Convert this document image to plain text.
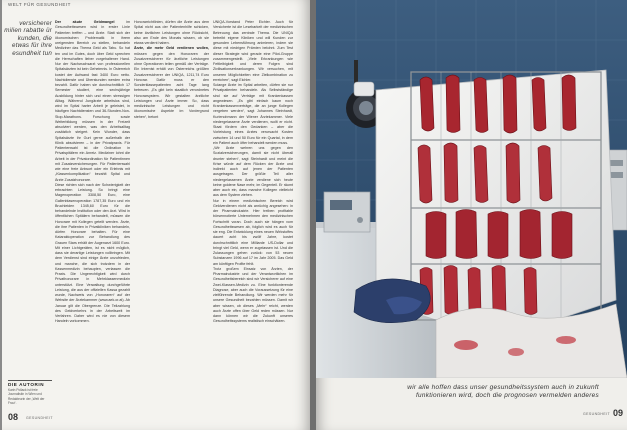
WELT FÜR GESUNDHEIT
versicherer milien rabatte ür kunden, die etwas für ihre esundheit tun

Der akute Geldmangel	im Gesundheitswesen wird in erster Linie Patienten treffen – und Ärzte. Statt sich der ökonomischen Problematik in ihrem ureigensten Bereich zu stellen, behandeln Mediziner das Thema Geld als Tabu. So hat ten und im Gutes, doch über Geld sprechen die Herrschaften lieber vorgehaltener Hand. Nur der Nachwuchsarzt von professionellen Spitalsärzten ist kein Geheimnis. In Österreich kostet der Aufwand fast 3400 Euro netto. Nachtdienste und Überstunden werden extra bezahlt. Dafür haben sie durchschnittlich 17 Semester studiert, eine sechsjährige Ausbildung hinter sich und einen stressigen Alltag. Während Jungärzte arbeitslos sind, wird im Spital harter Arbeit je geleistet, in häufigen Nachtdiensten und 36-Stunden-Non-Stop-Marathons. Forschung sowie Weiterbildung müssen in der Freizeit absolviert werden, was den Arbeitsalltag zusätzlich steigert. Kein Wunder, dass Spitalsärzte ihr Gurt gerne außerhalb der Klinik absolvieren – in der Privatpraxis. Für Patientenwahl ist die Ordination in Privatspitälern ein Anreiz. Mediziner lohnt die Arbeit in der Privatordination für Patientinnen mit Zusatzversicherungen. Für Patientenwahl wie eine freie Antwort oder ein Erlebnis mit „Klassenkomplikation“ bezahlt Spital und Ärzte Zusatzhonorare.

Diese richten sich nach der Schwierigkeit der erbrachten Leistung. So bringt eine Magenoperation 3308,50 Euro, eine Gallenblasenoperation 1787,35 Euro und ein Bruchleiden 1345,60 Euro für die behandelnde Institution oder den Arzt. Wird in öffentlichen Spitälern behandelt, müssen die Honorare mit Kollegen geteilt werden. Ärzte, die ihre Patienten in Privatkliniken behandeln, dürfen Honorare behalten. Für eine Kataraktoperation zur Behandlung des Grauen Stars erhält der Augenarzt 1600 Euro. Mit einer Lichtgeräten, ist es nicht möglich, dass sie derartige Leistungen vollbringen. Mit dem Verdienst sind einige Ärzte unzufrieden, und manche, die sich trotzdem in der Kassenmedizin behaupten, verlassen die Praxis. Die Ungerechtigkeit wird durch Privathonorare in Mehrklassenmedizin unterstützt. Eine Verwaltung durchgeführte Leistung, die aus der offiziellen Kassa gezahlt wurde, Nachweis von „Honoraren“ auf der Website der Ärztekammer (www.aek.or.at). Ab Januar gilt die Obergrenze. Die Teilzahlung des Geldverkehrs in der Arbeitszeit im Verfahren. Daher wird es nie von diesem Handeln vorkommen.

Honorarrichtlinien, dürfen die Ärzte aus dem Spital nicht aus der Patientenhilfe schicken, keine ärztlichen Leistungen ohne Rücksicht, also am Ende des Monats wissen, ob sie etwas verdient haben.

Ärzte, die mehr Geld verdienen wollen, müssen gegen den Honoraren der Zusatzversicherer für ärztliche Leistungen ohne Operationen teilen gemäß der Verträge. Ein Internist erhält von Österreichs größten Zusatzversicherer der UNIQA, 1211,74 Euro Honorar. Dafür muss er den Sonderklassepatienten acht Tage lang betreuen. „Es gibt kein staatlich verordnetes Honorarsystem. Wir gestalten ärztliche Leistungen und Ärzte immer. So, dass medizinische Leistungen und nicht ökonomische Aspekte im Vordergrund stehen“, betont

UNIQA-Vorstand Peter Eichler. Auch für Versicherte ist die Lesebarkeit der medizinischen Betreuung das zentrale Thema. Die UNIQA betreibt eigene Kliniken und will Kunden zur gesunden Lebensführung animieren, indem sie diese mit niedrigen Prämien belohnt. Zum Test dieser Strategie wird gerade eine Pilot-Gruppe zusammengestellt. „Viele Erkrankungen wie Fettleibigkeit und deren Folgen sind Zivilisationserkrankungen. Wir versuchen, mit unseren Möglichkeiten eine Zielkombination zu erreichen“, sagt Eichler.

Solange Ärzte im Spital arbeiten, dürfen sie nur Privatpatienten behandeln. Als Selbstständige sind sie auf Verträge mit Krankenkassen angewiesen. „Es gibt einfach kaum noch Krankenkassenverträge, die an junge Kollegen vergeben werden“, sagt Johannes Steinhardt, Kurienobmann der Wiener Ärztekammer. Viele niedergelassene Ärzte verdienen, wollt er nicht. Staat fördern den Gedanken – aber die Vorleistung eines Arztes verursacht Kosten zwischen 14 und 50 Euro für ein Quartal, in dem ein Patient auch öfter behandelt werden muss.

„Wir Ärzte wehren uns gegen den Sozialversicherungen, damit sie nicht überall drunter stehen“, sagt Steinhardt und meint die Krise würde auf dem Rücken der Ärzte und indirekt auch auf jenen der Patienten ausgetragen. Der größte Teil aller niedergelassenen Ärzte verdiene sich heute keine goldene Nase mehr, im Gegenteil. Er räumt aber auch ein, dass manche Kollegen vielleicht aus dem System ziehen.

Nur in einem medizinischen Bereich wird Geldverdienen nicht als anrüchig angesehen: in der Pharmaindustrie. Hier treiben profitable börsennotierte Unternehmen den medizinischen Fortschritt voran. Doch auch sie hängen vom Gesundheitswesen ab, folglich wird es auch für sie eng. Die Entwicklung eines neuen Wirkstoffes dauert acht bis zwölf Jahre, kostet durchschnittlich eine Milliarde US-Dollar und bringt viel Geld, wenn er zugelassen ist. Und die Zulassungen gehen zurück: von 53 neuen Substanzen 1996 auf 17 im Jahr 2005. Das Geld am künftigen Profite fehlt.

Trotz großem Einsatz von Ärzten, der Pharmaindustrie und der Verantwortlichen im Gesundheitsbereich sind wir Versicherer auf eine Zwei-Klassen-Medizin zu. Eine funktionierende Diagnose, aber auch die Voraussetzung für eine zielführende Behandlung. Wir werden mehr für unsere Gesundheit bezahlen müssen. Damit wir aber wissen, ob dieses „Mehr“ reicht, werden auch Ärzte offen über Geld reden müssen. Nur dann können wir die Zukunft unseres Gesundheitssystems realistisch einschätzen.

DIE AUTORIN
Karin Pollack ist freie Journalistin in Wien und Redakteurin der „Welt der Frau“.
08 GESUNDHEIT
wir alle hoffen dass unser gesundheitssystem auch in zukunft funktionieren wird, doch die prognosen vermelden anderes
GESUNDHEIT 09
